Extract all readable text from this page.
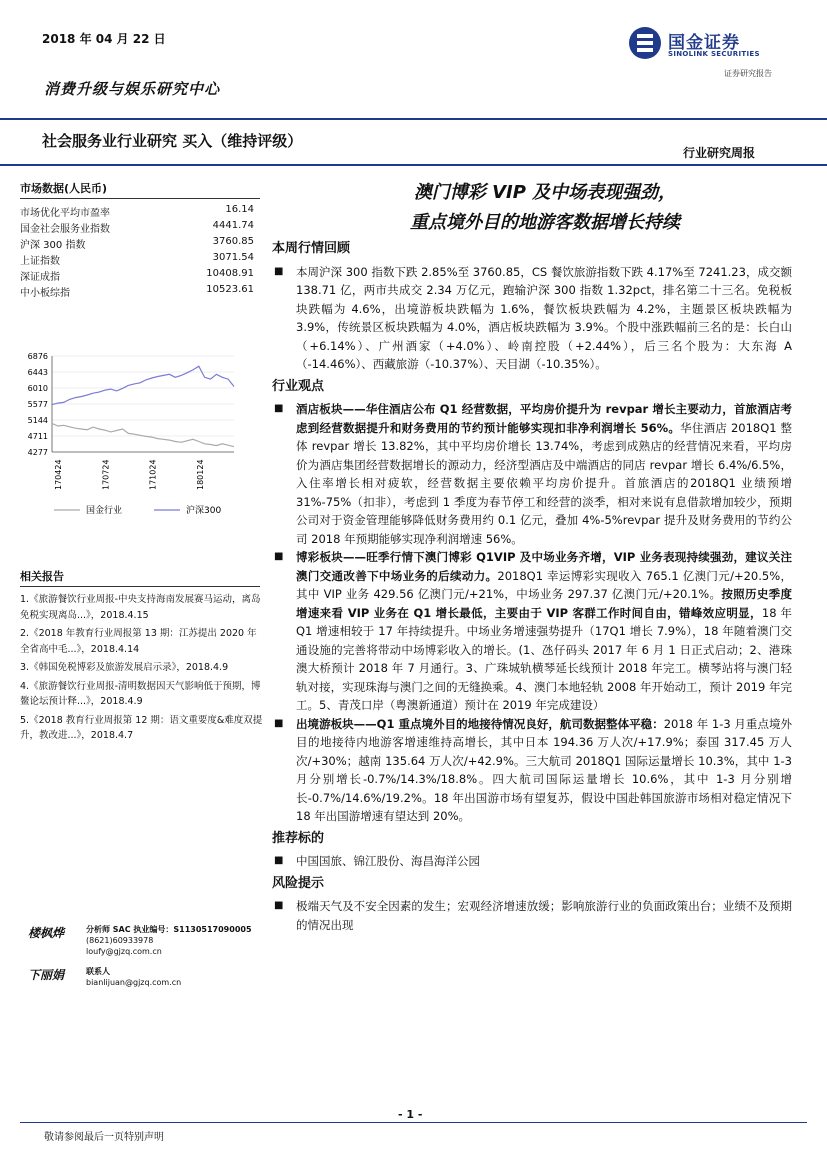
2018 年 04 月 22 日	国金证券
SINOLINK SECURITIES
证券研究报告
消费升级与娱乐研究中心
社会服务业行业研究 买入（维持评级）
行业研究周报
市场数据(人民币)
市场优化平均市盈率	16.14
国金社会服务业指数	4441.74
沪深 300 指数	3760.85
上证指数	3071.54
深证成指	10408.91
中小板综指	10523.61
6876
6443
6010
5577
5144
4711
4277
170424	170724	171024	180124
国金行业	沪深300
相关报告
1.《旅游餐饮行业周报-中央支持海南发展赛马运动，离岛免税实现离岛...》，2018.4.15
2.《2018 年教育行业周报第 13 期：江苏提出 2020 年全省高中毛...》，2018.4.14
3.《韩国免税博彩及旅游发展启示录》，2018.4.9
4.《旅游餐饮行业周报-清明数据因天气影响低于预期，博鳌论坛预计释...》，2018.4.9
5.《2018 教育行业周报第 12 期：语文重要度&难度双提升，教改进...》，2018.4.7
楼枫烨	分析师 SAC 执业编号：S1130517090005
(8621)60933978
loufy@gjzq.com.cn
下丽娟	联系人
bianlijuan@gjzq.com.cn
澳门博彩 VIP 及中场表现强劲，
重点境外目的地游客数据增长持续
本周行情回顾
■ 本周沪深 300 指数下跌 2.85%至 3760.85，CS 餐饮旅游指数下跌 4.17%至 7241.23，成交额 138.71 亿，两市共成交 2.34 万亿元，跑输沪深 300 指数 1.32pct，排名第二十三名。免税板块跌幅为 4.6%，出境游板块跌幅为 1.6%，餐饮板块跌幅为 4.2%，主题景区板块跌幅为 3.9%，传统景区板块跌幅为 4.0%，酒店板块跌幅为 3.9%。个股中涨跌幅前三名的是：长白山（+6.14%）、广州酒家（+4.0%）、岭南控股（+2.44%），后三名个股为：大东海 A（-14.46%）、西藏旅游（-10.37%）、天目湖（-10.35%）。
行业观点
■ 酒店板块——华住酒店公布 Q1 经营数据，平均房价提升为 revpar 增长主要动力，首旅酒店考虑到经营数据提升和财务费用的节约预计能够实现扣非净利润增长 56%。华住酒店 2018Q1 整体 revpar 增长 13.82%，其中平均房价增长 13.74%，考虑到成熟店的经营情况来看，平均房价为酒店集团经营数据增长的源动力，经济型酒店及中端酒店的同店 revpar 增长 6.4%/6.5%，入住率增长相对疲软，经营数据主要依赖平均房价提升。首旅酒店的2018Q1 业绩预增 31%-75%（扣非），考虑到 1 季度为春节停工和经营的淡季，相对来说有息借款增加较少，预期公司对于资金管理能够降低财务费用约 0.1 亿元，叠加 4%-5%revpar 提升及财务费用的节约公司 2018 年预期能够实现净利润增速 56%。
■ 博彩板块——旺季行情下澳门博彩 Q1VIP 及中场业务齐增，VIP 业务表现持续强劲，建议关注澳门交通改善下中场业务的后续动力。2018Q1 幸运博彩实现收入 765.1 亿澳门元/+20.5%，其中 VIP 业务 429.56 亿澳门元/+21%，中场业务 297.37 亿澳门元/+20.1%。按照历史季度增速来看 VIP 业务在 Q1 增长最低，主要由于 VIP 客群工作时间自由，错峰效应明显，18 年 Q1 增速相较于 17 年持续提升。中场业务增速强势提升（17Q1 增长 7.9%），18 年随着澳门交通设施的完善将带动中场博彩收入的增长。(1、氹仔码头 2017 年 6 月 1 日正式启动；2、港珠澳大桥预计 2018 年 7 月通行。3、广珠城轨横琴延长线预计 2018 年完工。横琴站将与澳门轻轨对接，实现珠海与澳门之间的无缝换乘。4、澳门本地轻轨 2008 年开始动工，预计 2019 年完工。5、青茂口岸（粤澳新通道）预计在 2019 年完成建设）
■ 出境游板块——Q1 重点境外目的地接待情况良好，航司数据整体平稳：2018 年 1-3 月重点境外目的地接待内地游客增速维持高增长，其中日本 194.36 万人次/+17.9%；泰国 317.45 万人次/+30%；越南 135.64 万人次/+42.9%。三大航司 2018Q1 国际运量增长 10.3%，其中 1-3 月分别增长-0.7%/14.3%/18.8%。四大航司国际运量增长 10.6%，其中 1-3 月分别增长-0.7%/14.6%/19.2%。18 年出国游市场有望复苏，假设中国赴韩国旅游市场相对稳定情况下 18 年出国游增速有望达到 20%。
推荐标的
■ 中国国旅、锦江股份、海昌海洋公园
风险提示
■ 极端天气及不安全因素的发生；宏观经济增速放缓；影响旅游行业的负面政策出台；业绩不及预期的情况出现
- 1 -
敬请参阅最后一页特别声明
